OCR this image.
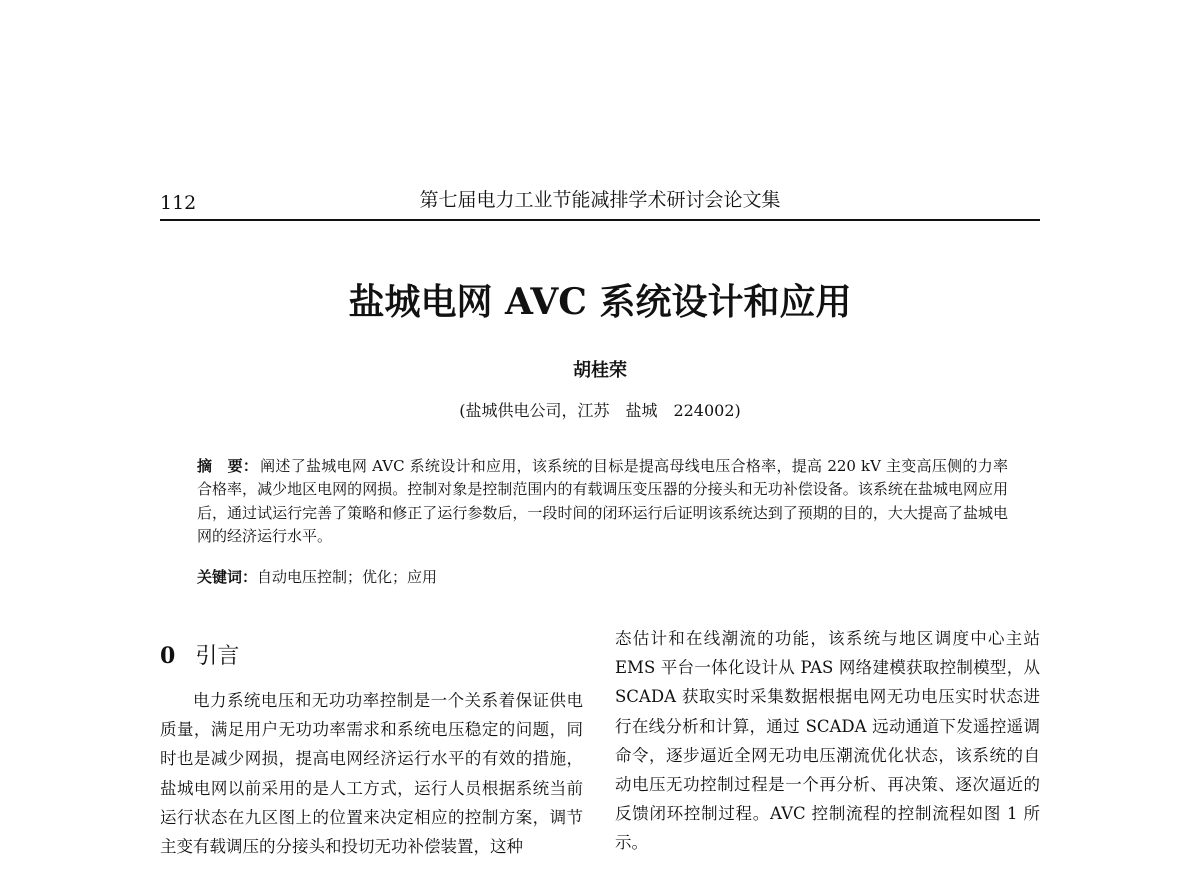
112	第七届电力工业节能减排学术研讨会论文集
盐城电网 AVC 系统设计和应用
胡桂荣
(盐城供电公司，江苏　盐城　224002)
摘　要： 阐述了盐城电网 AVC 系统设计和应用，该系统的目标是提高母线电压合格率，提高 220 kV 主变高压侧的力率合格率，减少地区电网的网损。控制对象是控制范围内的有载调压变压器的分接头和无功补偿设备。该系统在盐城电网应用后，通过试运行完善了策略和修正了运行参数后，一段时间的闭环运行后证明该系统达到了预期的目的，大大提高了盐城电网的经济运行水平。
关键词：自动电压控制；优化；应用
0 引言
电力系统电压和无功功率控制是一个关系着保证供电质量，满足用户无功功率需求和系统电压稳定的问题，同时也是减少网损，提高电网经济运行水平的有效的措施，盐城电网以前采用的是人工方式，运行人员根据系统当前运行状态在九区图上的位置来决定相应的控制方案，调节主变有载调压的分接头和投切无功补偿装置，这种
态估计和在线潮流的功能，该系统与地区调度中心主站 EMS 平台一体化设计从 PAS 网络建模获取控制模型，从 SCADA 获取实时采集数据根据电网无功电压实时状态进行在线分析和计算，通过 SCADA 远动通道下发遥控遥调命令，逐步逼近全网无功电压潮流优化状态，该系统的自动电压无功控制过程是一个再分析、再决策、逐次逼近的反馈闭环控制过程。AVC 控制流程的控制流程如图 1 所示。
